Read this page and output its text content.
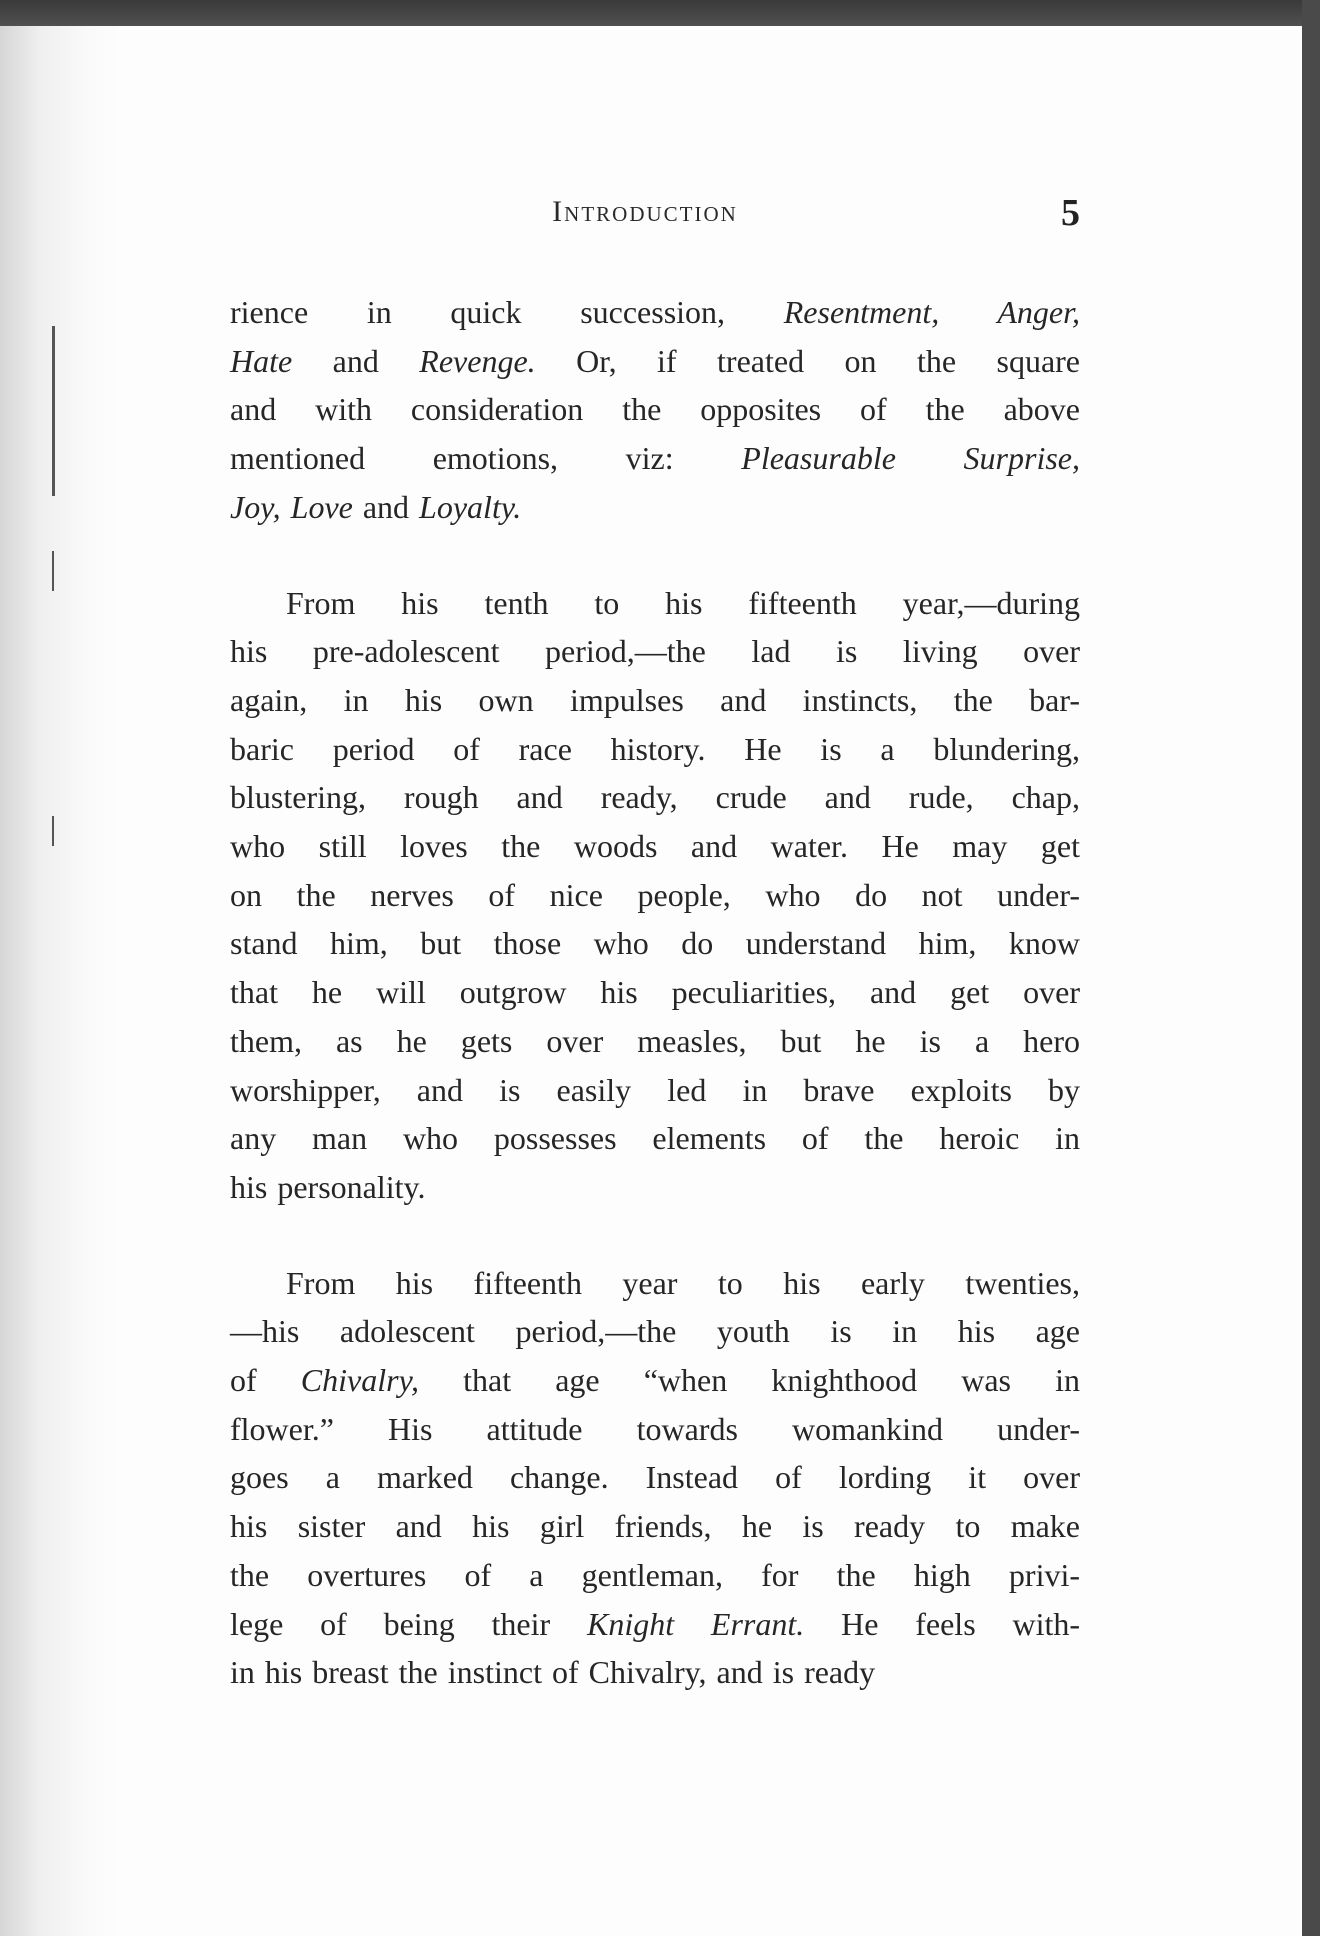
Introduction	5
rience in quick succession, Resentment, Anger,
Hate and Revenge. Or, if treated on the square
and with consideration the opposites of the above
mentioned emotions, viz: Pleasurable Surprise,
Joy, Love and Loyalty.
From his tenth to his fifteenth year,—during
his pre-adolescent period,—the lad is living over
again, in his own impulses and instincts, the bar-
baric period of race history. He is a blundering,
blustering, rough and ready, crude and rude, chap,
who still loves the woods and water. He may get
on the nerves of nice people, who do not under-
stand him, but those who do understand him, know
that he will outgrow his peculiarities, and get over
them, as he gets over measles, but he is a hero
worshipper, and is easily led in brave exploits by
any man who possesses elements of the heroic in
his personality.
From his fifteenth year to his early twenties,
—his adolescent period,—the youth is in his age
of Chivalry, that age “when knighthood was in
flower.” His attitude towards womankind under-
goes a marked change. Instead of lording it over
his sister and his girl friends, he is ready to make
the overtures of a gentleman, for the high privi-
lege of being their Knight Errant. He feels with-
in his breast the instinct of Chivalry, and is ready
